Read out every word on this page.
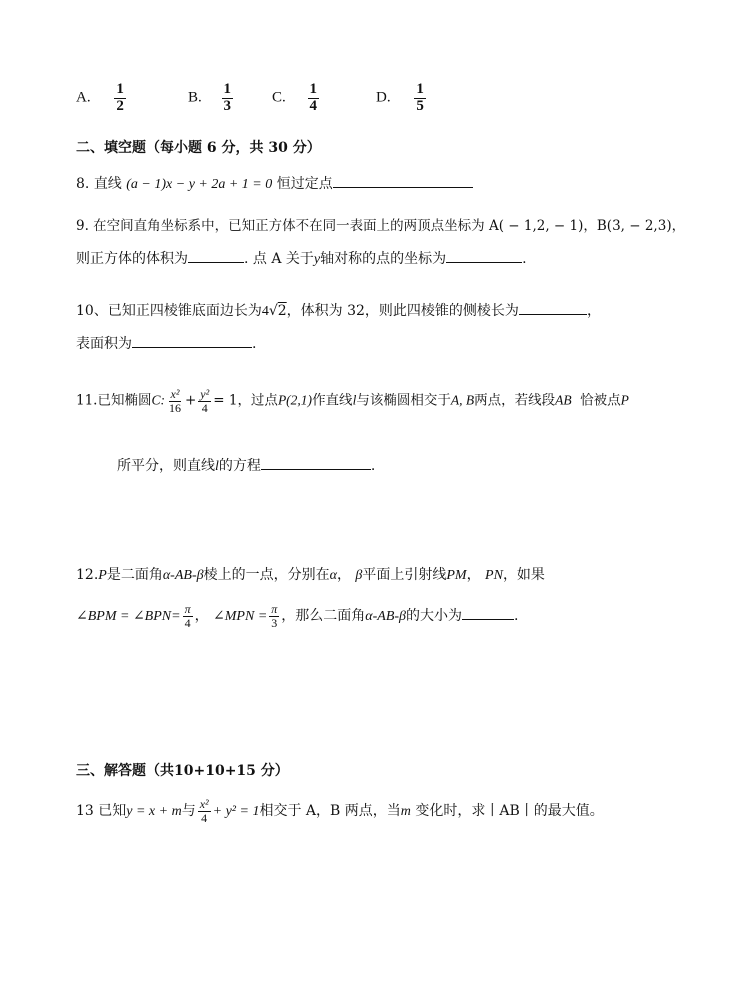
A. $\frac{1}{2}$	B. $\frac{1}{3}$	C. $\frac{1}{4}$	D. $\frac{1}{5}$
二、填空题（每小题 6 分，共 30 分）
8. 直线 (a − 1)x − y + 2a + 1 = 0 恒过定点
9. 在空间直角坐标系中，已知正方体不在同一表面上的两顶点坐标为 A( − 1,2, − 1)，B(3, − 2,3)，
则正方体的体积为	. 点 A 关于y轴对称的点的坐标为	.
10、已知正四棱锥底面边长为4√2，体积为 32，则此四棱锥的侧棱长为	，
表面积为	.
11.已知椭圆C: $\frac{\text{x²}}{16} + \frac{\text{y²}}{4} = 1$，过点P(2,1)作直线l与该椭圆相交于A, B两点，若线段AB 恰被点P
所平分，则直线l的方程	.
12.P是二面角α-AB-β棱上的一点，分别在α， β平面上引射线PM， PN，如果
∠BPM = ∠BPN= $\frac{\pi}{4}$ ， ∠MPN = $\frac{\pi}{3}$ ，那么二面角α-AB-β的大小为	.
三、解答题（共10+10+15 分）
13 已知y = x + m与 $\frac{\text{x²}}{4} + y^2 = 1$相交于 A，B 两点，当m 变化时，求丨AB丨的最大值。
